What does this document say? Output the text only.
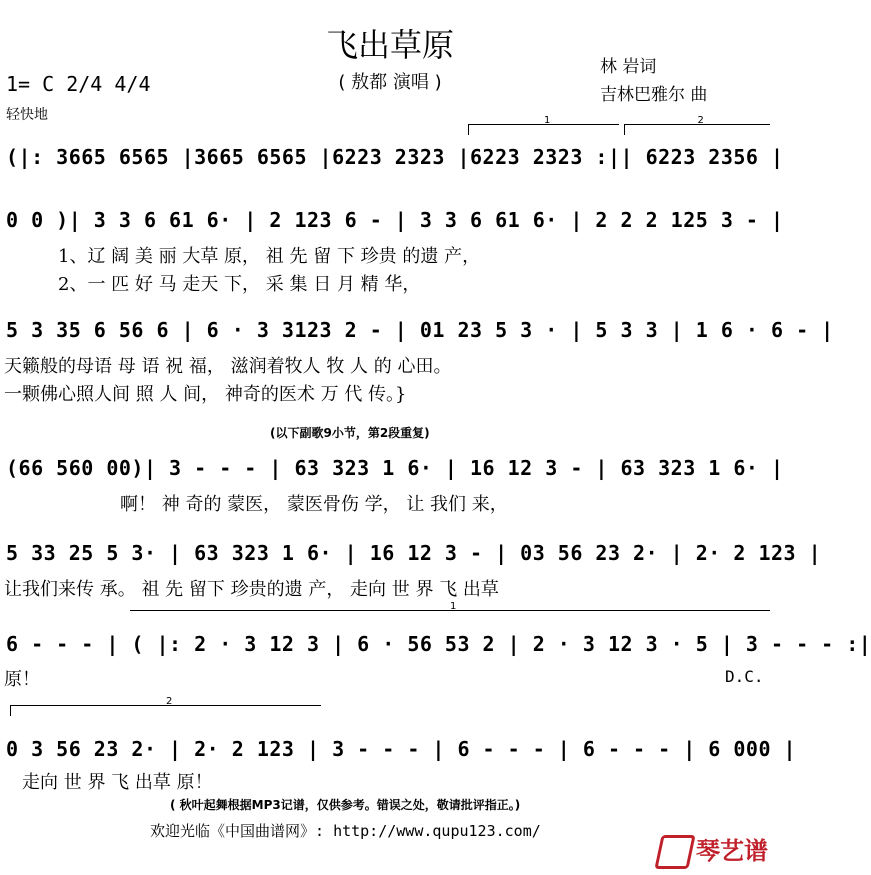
飞出草原
( 敖都 演唱 )
林 岩词
吉林巴雅尔 曲
1= C 2/4 4/4
轻快地	1	2
1
2
(|: 3665 6565 |3665 6565 |6223 2323 |6223 2323 :|| 6223 2356 |
0 0 )| 3 3 6 61 6· | 2 123 6 - | 3 3 6 61 6· | 2 2 2 125 3 - |
1、辽 阔 美 丽 大草 原， 祖 先 留 下 珍贵 的遗 产，
2、一 匹 好 马 走天 下， 采 集 日 月 精 华，
5 3 35 6 56 6 | 6 · 3 3123 2 - | 01 23 5 3 · | 5 3 3 | 1 6 · 6 - |
天籁般的母语 母 语 祝 福， 滋润着牧人 牧 人 的 心田。
一颗佛心照人间 照 人 间， 神奇的医术 万 代 传。}
(以下副歌9小节，第2段重复)
(66 560 00)| 3 - - - | 63 323 1 6· | 16 12 3 - | 63 323 1 6· |
啊！ 神 奇的 蒙医， 蒙医骨伤 学， 让 我们 来，
5 33 25 5 3· | 63 323 1 6· | 16 12 3 - | 03 56 23 2· | 2· 2 123 |
让我们来传 承。 祖 先 留下 珍贵的遗 产， 走向 世 界 飞 出草
6 - - - | ( |: 2 · 3 12 3 | 6 · 56 53 2 | 2 · 3 12 3 · 5 | 3 - - - :|
原！	D.C.
0 3 56 23 2· | 2· 2 123 | 3 - - - | 6 - - - | 6 - - - | 6 000 |
走向 世 界 飞 出草 原！
( 秋叶起舞根据MP3记谱，仅供参考。错误之处，敬请批评指正。)
欢迎光临《中国曲谱网》: http://www.qupu123.com/
琴艺谱
